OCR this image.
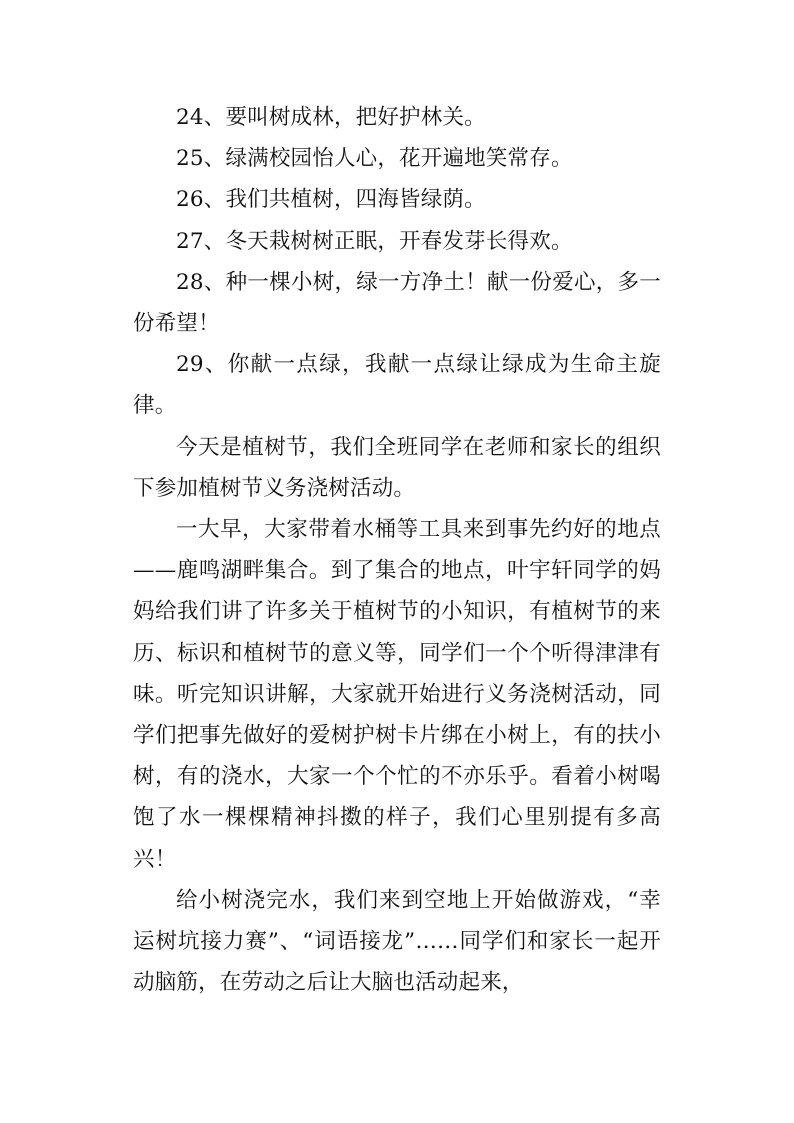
24、要叫树成林，把好护林关。

25、绿满校园怡人心，花开遍地笑常存。

26、我们共植树，四海皆绿荫。

27、冬天栽树树正眠，开春发芽长得欢。

28、种一棵小树，绿一方净土！献一份爱心，多一份希望！

29、你献一点绿，我献一点绿让绿成为生命主旋律。

今天是植树节，我们全班同学在老师和家长的组织下参加植树节义务浇树活动。

一大早，大家带着水桶等工具来到事先约好的地点——鹿鸣湖畔集合。到了集合的地点，叶宇轩同学的妈妈给我们讲了许多关于植树节的小知识，有植树节的来历、标识和植树节的意义等，同学们一个个听得津津有味。听完知识讲解，大家就开始进行义务浇树活动，同学们把事先做好的爱树护树卡片绑在小树上，有的扶小树，有的浇水，大家一个个忙的不亦乐乎。看着小树喝饱了水一棵棵精神抖擞的样子，我们心里别提有多高兴！

给小树浇完水，我们来到空地上开始做游戏，“幸运树坑接力赛”、“词语接龙”……同学们和家长一起开动脑筋，在劳动之后让大脑也活动起来，
